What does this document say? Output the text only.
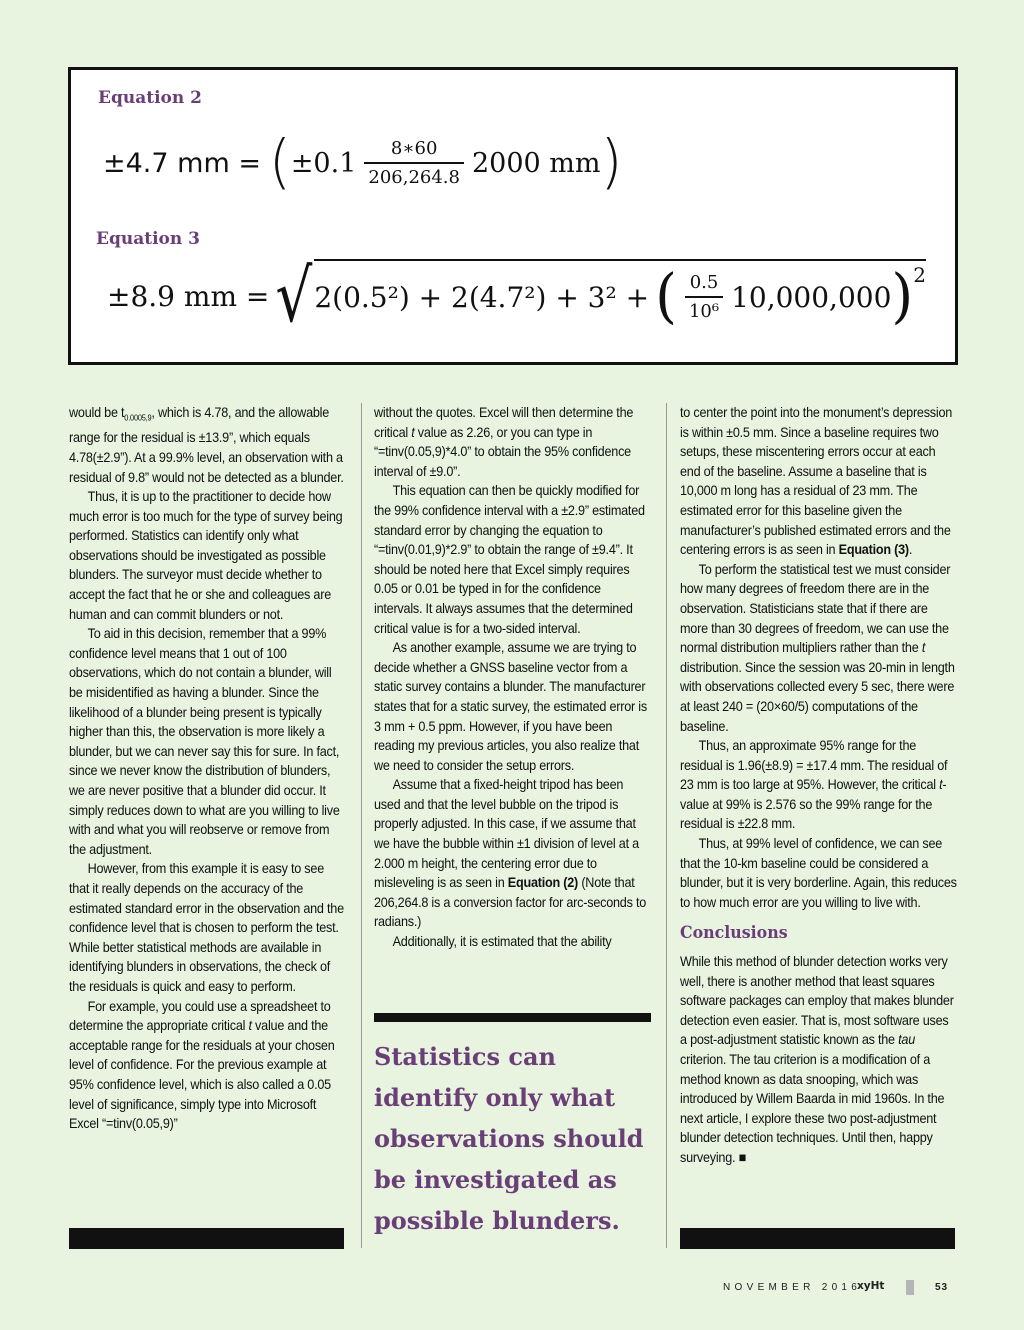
Equation 2
±4.7 mm = ( $\pm 0.1 \frac{8∗60}{206,264.8} 2000$ mm )
Equation 3
±8.9 mm = √ 2(0.5²) + 2(4.7²) + 3² + ( $\frac{0.5}{\text{10⁶}} 10,000,000$ ) 2

would be $t_{0.0005,9}$, which is 4.78, and the allowable range for the residual is ±13.9”, which equals 4.78(±2.9”). At a 99.9% level, an observation with a residual of 9.8” would not be detected as a blunder.

Thus, it is up to the practitioner to decide how much error is too much for the type of survey being performed. Statistics can identify only what observations should be investigated as possible blunders. The surveyor must decide whether to accept the fact that he or she and colleagues are human and can commit blunders or not.

To aid in this decision, remember that a 99% confidence level means that 1 out of 100 observations, which do not contain a blunder, will be misidentified as having a blunder. Since the likelihood of a blunder being present is typically higher than this, the observation is more likely a blunder, but we can never say this for sure. In fact, since we never know the distribution of blunders, we are never positive that a blunder did occur. It simply reduces down to what are you willing to live with and what you will reobserve or remove from the adjustment.

However, from this example it is easy to see that it really depends on the accuracy of the estimated standard error in the observation and the confidence level that is chosen to perform the test. While better statistical methods are available in identifying blunders in observations, the check of the residuals is quick and easy to perform.

For example, you could use a spreadsheet to determine the appropriate critical t value and the acceptable range for the residuals at your chosen level of confidence. For the previous example at 95% confidence level, which is also called a 0.05 level of significance, simply type into Microsoft Excel “=tinv(0.05,9)”

without the quotes. Excel will then determine the critical t value as 2.26, or you can type in “=tinv(0.05,9)*4.0” to obtain the 95% confidence interval of ±9.0”.

This equation can then be quickly modified for the 99% confidence interval with a ±2.9” estimated standard error by changing the equation to “=tinv(0.01,9)*2.9” to obtain the range of ±9.4”. It should be noted here that Excel simply requires 0.05 or 0.01 be typed in for the confidence intervals. It always assumes that the determined critical value is for a two-sided interval.

As another example, assume we are trying to decide whether a GNSS baseline vector from a static survey contains a blunder. The manufacturer states that for a static survey, the estimated error is 3 mm + 0.5 ppm. However, if you have been reading my previous articles, you also realize that we need to consider the setup errors.

Assume that a fixed-height tripod has been used and that the level bubble on the tripod is properly adjusted. In this case, if we assume that we have the bubble within ±1 division of level at a 2.000 m height, the centering error due to misleveling is as seen in Equation (2) (Note that 206,264.8 is a conversion factor for arc-seconds to radians.)

Additionally, it is estimated that the ability

Statistics can identify only what observations should be investigated as possible blunders.

to center the point into the monument’s depression is within ±0.5 mm. Since a baseline requires two setups, these miscentering errors occur at each end of the baseline. Assume a baseline that is 10,000 m long has a residual of 23 mm. The estimated error for this baseline given the manufacturer’s published estimated errors and the centering errors is as seen in Equation (3).

To perform the statistical test we must consider how many degrees of freedom there are in the observation. Statisticians state that if there are more than 30 degrees of freedom, we can use the normal distribution multipliers rather than the t distribution. Since the session was 20-min in length with observations collected every 5 sec, there were at least 240 = (20×60/5) computations of the baseline.

Thus, an approximate 95% range for the residual is 1.96(±8.9) = ±17.4 mm. The residual of 23 mm is too large at 95%. However, the critical t-value at 99% is 2.576 so the 99% range for the residual is ±22.8 mm.

Thus, at 99% level of confidence, we can see that the 10-km baseline could be considered a blunder, but it is very borderline. Again, this reduces to how much error are you willing to live with.

Conclusions

While this method of blunder detection works very well, there is another method that least squares software packages can employ that makes blunder detection even easier. That is, most software uses a post-adjustment statistic known as the tau criterion. The tau criterion is a modification of a method known as data snooping, which was introduced by Willem Baarda in mid 1960s. In the next article, I explore these two post-adjustment blunder detection techniques. Until then, happy surveying. ■

NOVEMBER 2016
xyHt	53
